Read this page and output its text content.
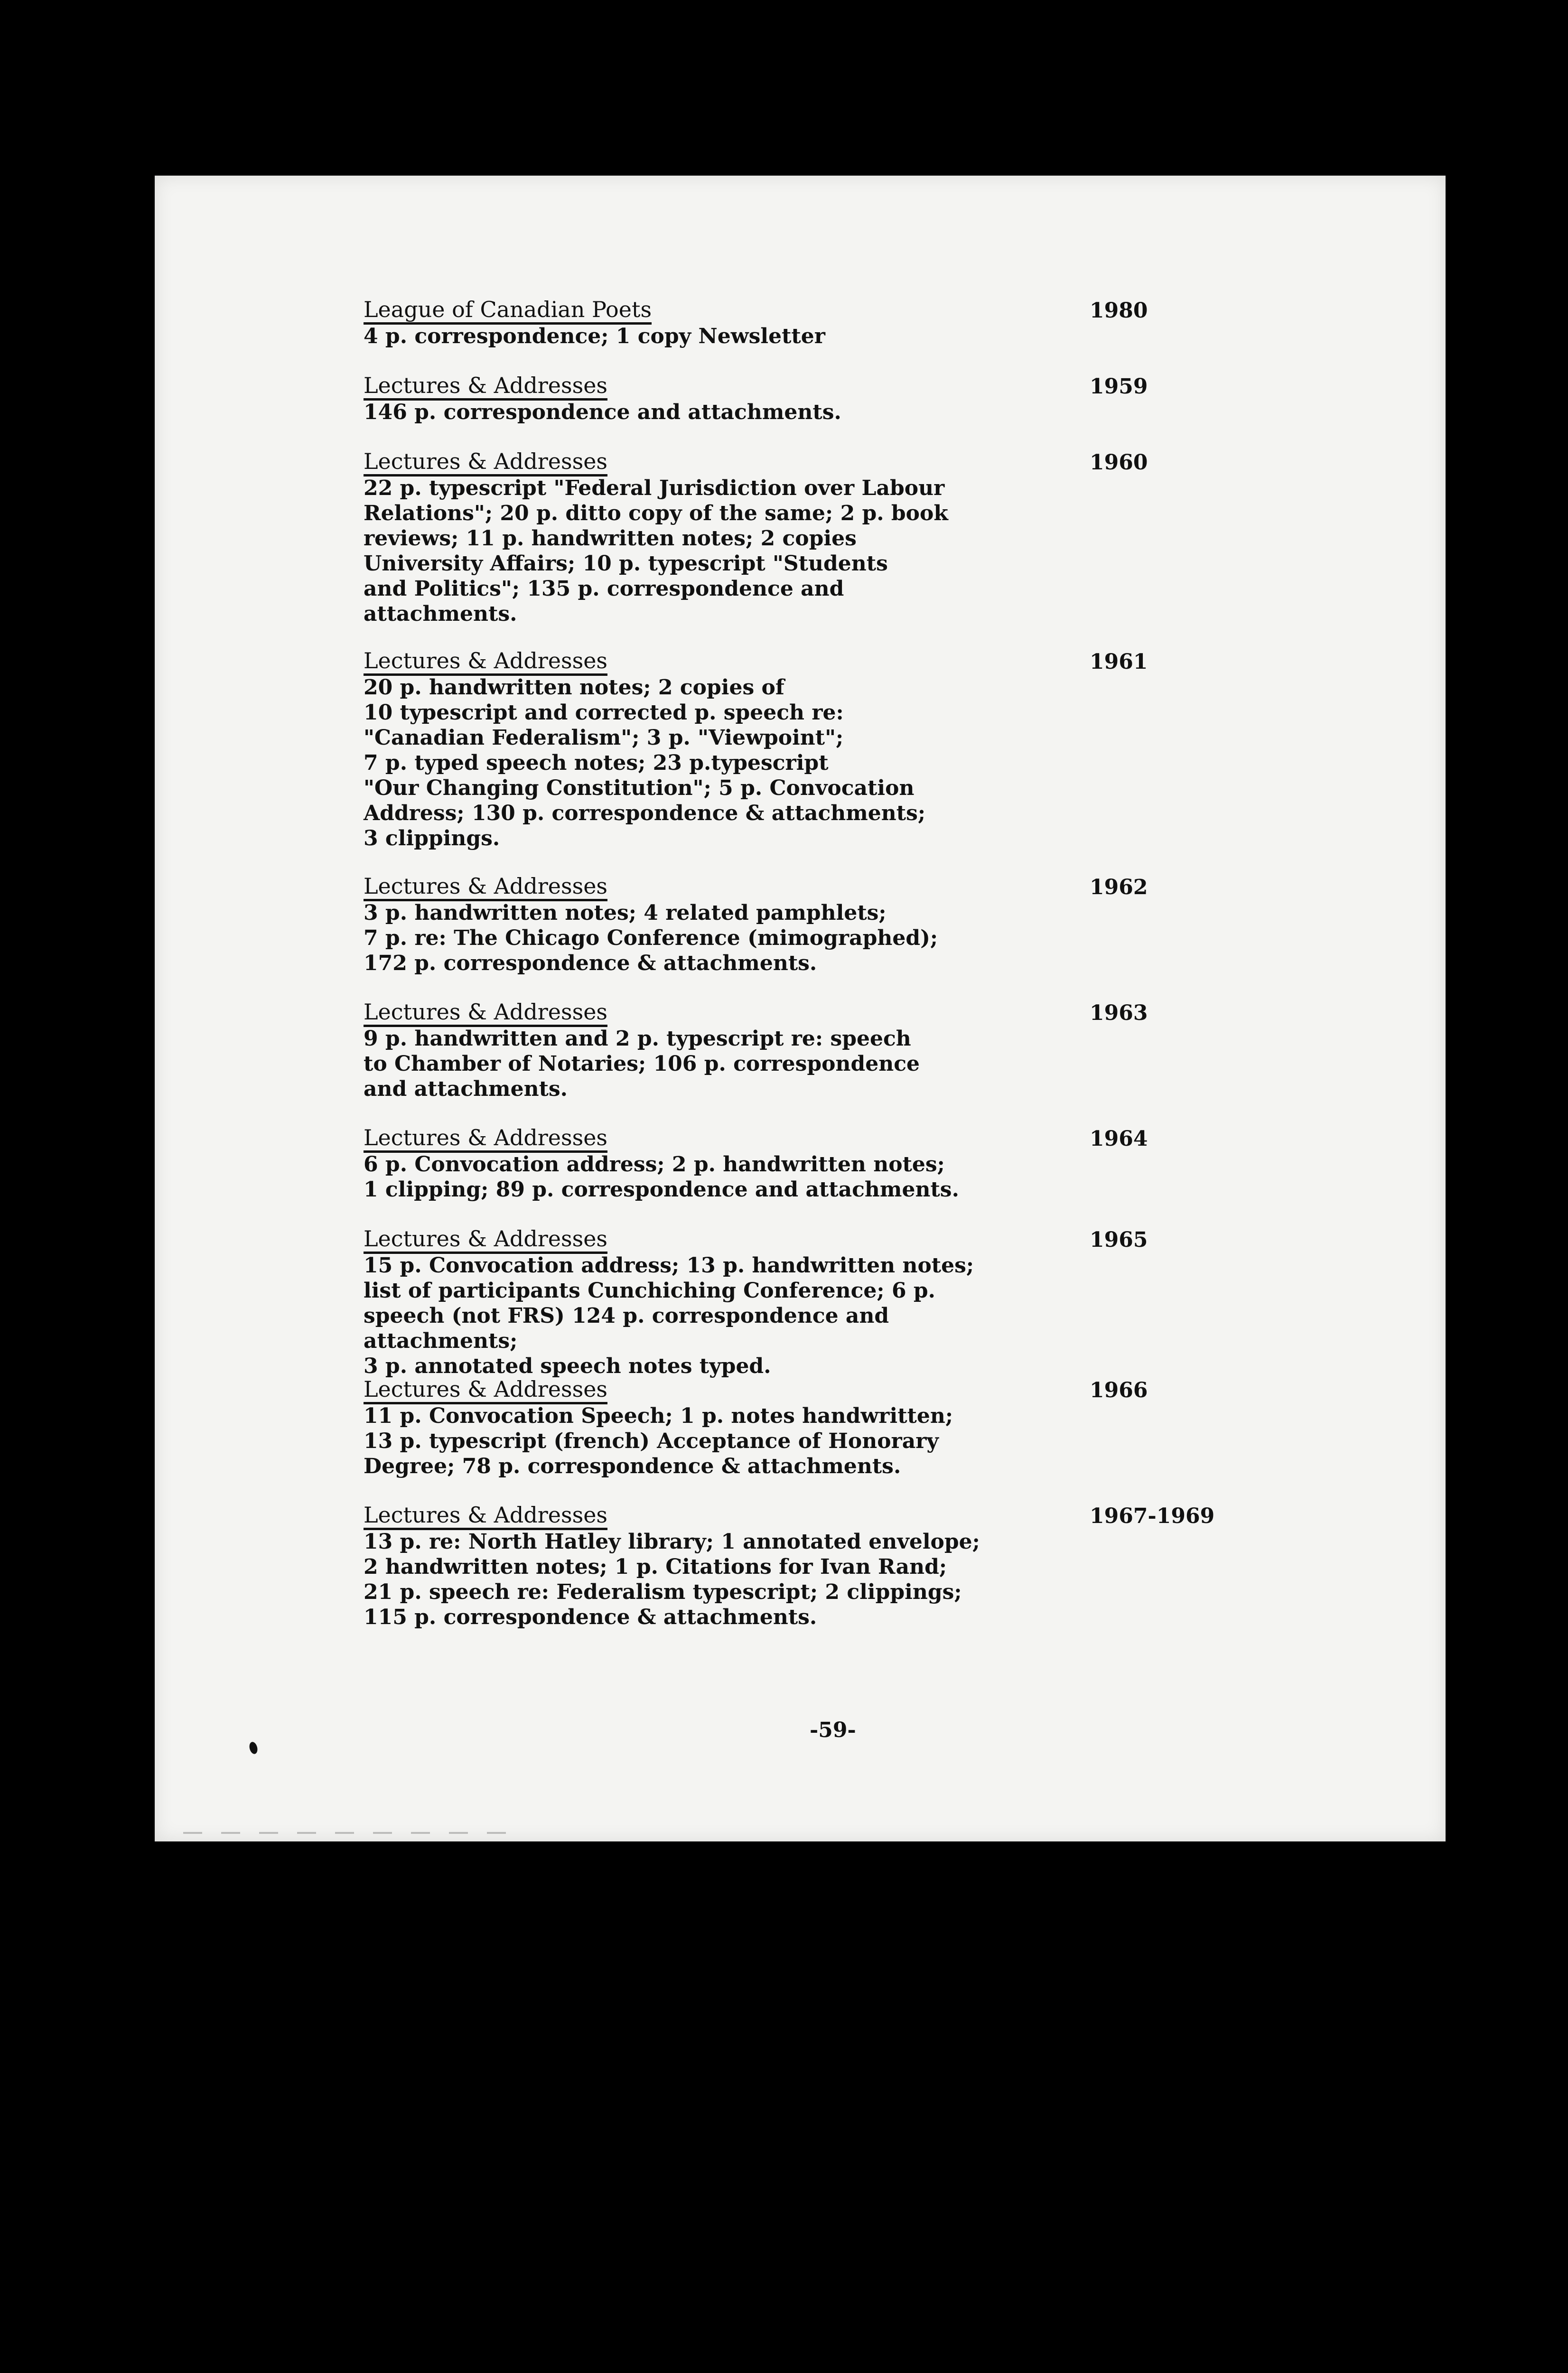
League of Canadian Poets	1980
4 p. correspondence; 1 copy Newsletter
Lectures & Addresses	1959
146 p. correspondence and attachments.
Lectures & Addresses	1960
22 p. typescript "Federal Jurisdiction over Labour
Relations"; 20 p. ditto copy of the same; 2 p. book
reviews; 11 p. handwritten notes; 2 copies
University Affairs; 10 p. typescript "Students
and Politics"; 135 p. correspondence and
attachments.
Lectures & Addresses	1961
20 p. handwritten notes; 2 copies of
10 typescript and corrected p. speech re:
"Canadian Federalism"; 3 p. "Viewpoint";
7 p. typed speech notes; 23 p.typescript
"Our Changing Constitution"; 5 p. Convocation
Address; 130 p. correspondence & attachments;
3 clippings.
Lectures & Addresses	1962
3 p. handwritten notes; 4 related pamphlets;
7 p. re: The Chicago Conference (mimographed);
172 p. correspondence & attachments.
Lectures & Addresses	1963
9 p. handwritten and 2 p. typescript re: speech
to Chamber of Notaries; 106 p. correspondence
and attachments.
Lectures & Addresses	1964
6 p. Convocation address; 2 p. handwritten notes;
1 clipping; 89 p. correspondence and attachments.
Lectures & Addresses	1965
15 p. Convocation address; 13 p. handwritten notes;
list of participants Cunchiching Conference; 6 p.
speech (not FRS) 124 p. correspondence and attachments;
3 p. annotated speech notes typed.
Lectures & Addresses	1966
11 p. Convocation Speech; 1 p. notes handwritten;
13 p. typescript (french) Acceptance of Honorary
Degree; 78 p. correspondence & attachments.
Lectures & Addresses	1967-1969
13 p. re: North Hatley library; 1 annotated envelope;
2 handwritten notes; 1 p. Citations for Ivan Rand;
21 p. speech re: Federalism typescript; 2 clippings;
115 p. correspondence & attachments.
-59-
